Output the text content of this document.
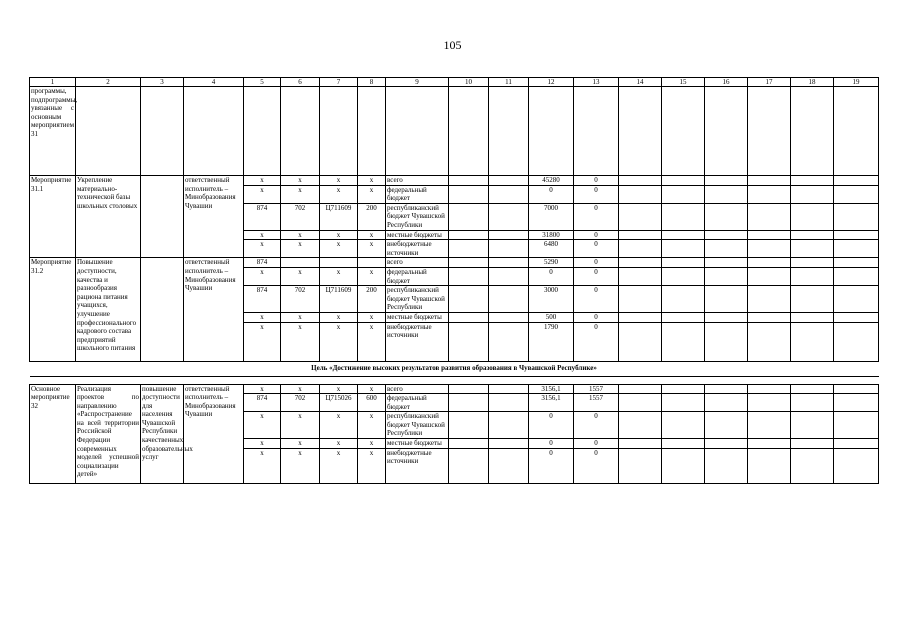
105
1	2	3	4	5	6	7	8	9	10	11	12	13	14	15	16	17	18	19
программы, подпрограммы, увязанные с основным мероприятием 31																		
Мероприятие 31.1	Укрепление материально-технической базы школьных столовых		ответственный исполнитель – Минобразования Чувашии	x	x	x	x	всего			45280	0						
				x	x	x	x	федеральный бюджет			0	0						
				874	702	Ц711609	200	республиканский бюджет Чувашской Республики			7000	0						
				x	x	x	x	местные бюджеты			31800	0						
				x	x	x	x	внебюджетные источники			6480	0						
Мероприятие 31.2	Повышение доступности, качества и разнообразия рациона питания учащихся, улучшение профессионального кадрового состава предприятий школьного питания		ответственный исполнитель – Минобразования Чувашии	874				всего			5290	0						
				x	x	x	x	федеральный бюджет			0	0						
				874	702	Ц711609	200	республиканский бюджет Чувашской Республики			3000	0						
				x	x	x	x	местные бюджеты			500	0						
				x	x	x	x	внебюджетные источники			1790	0						
Цель «Достижение высоких результатов развития образования в Чувашской Республике»																		

Основное мероприятие 32	Реализация проектов по направлению «Распространение на всей территории Российской Федерации современных моделей успешной социализации детей»	повышение доступности для населения Чувашской Республики качественных образовательных услуг	ответственный исполнитель – Минобразования Чувашии	x	x	x	x	всего			3156,1	1557						
				874	702	Ц715026	600	федеральный бюджет			3156,1	1557						
				x	x	x	x	республиканский бюджет Чувашской Республики			0	0						
				x	x	x	x	местные бюджеты			0	0						
				x	x	x	x	внебюджетные источники			0	0						
